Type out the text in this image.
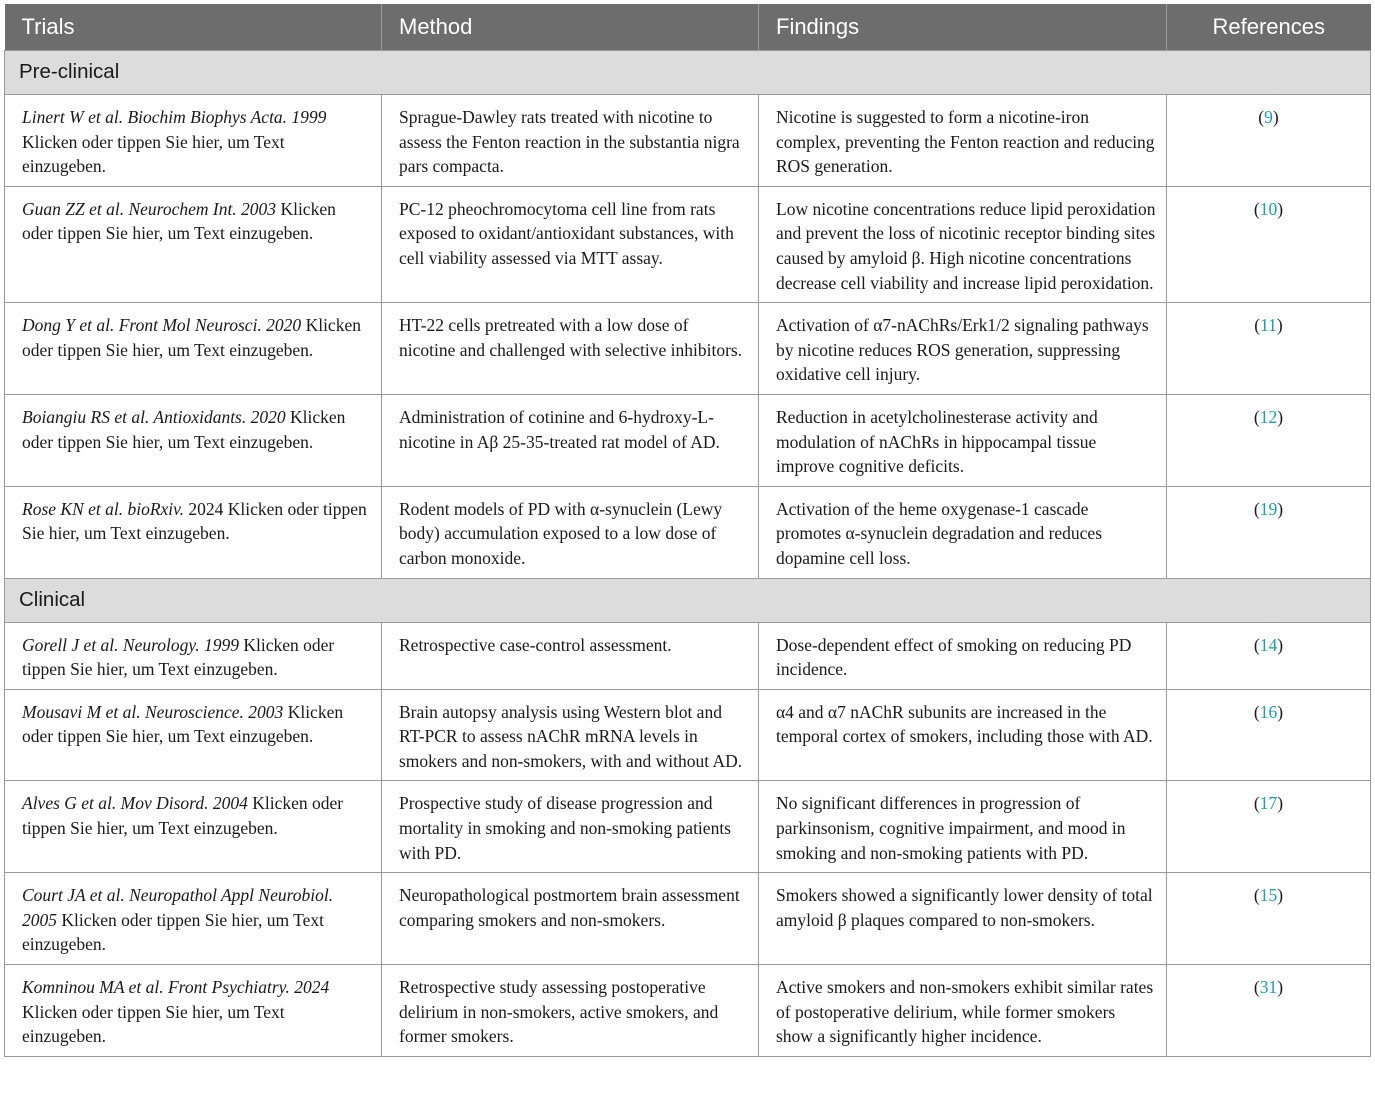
Trials	Method	Findings	References
Pre-clinical			
Linert W et al. Biochim Biophys Acta. 1999 Klicken oder tippen Sie hier, um Text einzugeben.	Sprague-Dawley rats treated with nicotine to assess the Fenton reaction in the substantia nigra pars compacta.	Nicotine is suggested to form a nicotine-iron complex, preventing the Fenton reaction and reducing ROS generation.	(9)
Guan ZZ et al. Neurochem Int. 2003 Klicken oder tippen Sie hier, um Text einzugeben.	PC-12 pheochromocytoma cell line from rats exposed to oxidant/antioxidant substances, with cell viability assessed via MTT assay.	Low nicotine concentrations reduce lipid peroxidation and prevent the loss of nicotinic receptor binding sites caused by amyloid β. High nicotine concentrations decrease cell viability and increase lipid peroxidation.	(10)
Dong Y et al. Front Mol Neurosci. 2020 Klicken oder tippen Sie hier, um Text einzugeben.	HT-22 cells pretreated with a low dose of nicotine and challenged with selective inhibitors.	Activation of α7-nAChRs/Erk1/2 signaling pathways by nicotine reduces ROS generation, suppressing oxidative cell injury.	(11)
Boiangiu RS et al. Antioxidants. 2020 Klicken oder tippen Sie hier, um Text einzugeben.	Administration of cotinine and 6-hydroxy-L-nicotine in Aβ 25-35-treated rat model of AD.	Reduction in acetylcholinesterase activity and modulation of nAChRs in hippocampal tissue improve cognitive deficits.	(12)
Rose KN et al. bioRxiv. 2024 Klicken oder tippen Sie hier, um Text einzugeben.	Rodent models of PD with α-synuclein (Lewy body) accumulation exposed to a low dose of carbon monoxide.	Activation of the heme oxygenase-1 cascade promotes α-synuclein degradation and reduces dopamine cell loss.	(19)
Clinical			
Gorell J et al. Neurology. 1999 Klicken oder tippen Sie hier, um Text einzugeben.	Retrospective case-control assessment.	Dose-dependent effect of smoking on reducing PD incidence.	(14)
Mousavi M et al. Neuroscience. 2003 Klicken oder tippen Sie hier, um Text einzugeben.	Brain autopsy analysis using Western blot and RT-PCR to assess nAChR mRNA levels in smokers and non-smokers, with and without AD.	α4 and α7 nAChR subunits are increased in the temporal cortex of smokers, including those with AD.	(16)
Alves G et al. Mov Disord. 2004 Klicken oder tippen Sie hier, um Text einzugeben.	Prospective study of disease progression and mortality in smoking and non-smoking patients with PD.	No significant differences in progression of parkinsonism, cognitive impairment, and mood in smoking and non-smoking patients with PD.	(17)
Court JA et al. Neuropathol Appl Neurobiol. 2005 Klicken oder tippen Sie hier, um Text einzugeben.	Neuropathological postmortem brain assessment comparing smokers and non-smokers.	Smokers showed a significantly lower density of total amyloid β plaques compared to non-smokers.	(15)
Komninou MA et al. Front Psychiatry. 2024 Klicken oder tippen Sie hier, um Text einzugeben.	Retrospective study assessing postoperative delirium in non-smokers, active smokers, and former smokers.	Active smokers and non-smokers exhibit similar rates of postoperative delirium, while former smokers show a significantly higher incidence.	(31)
